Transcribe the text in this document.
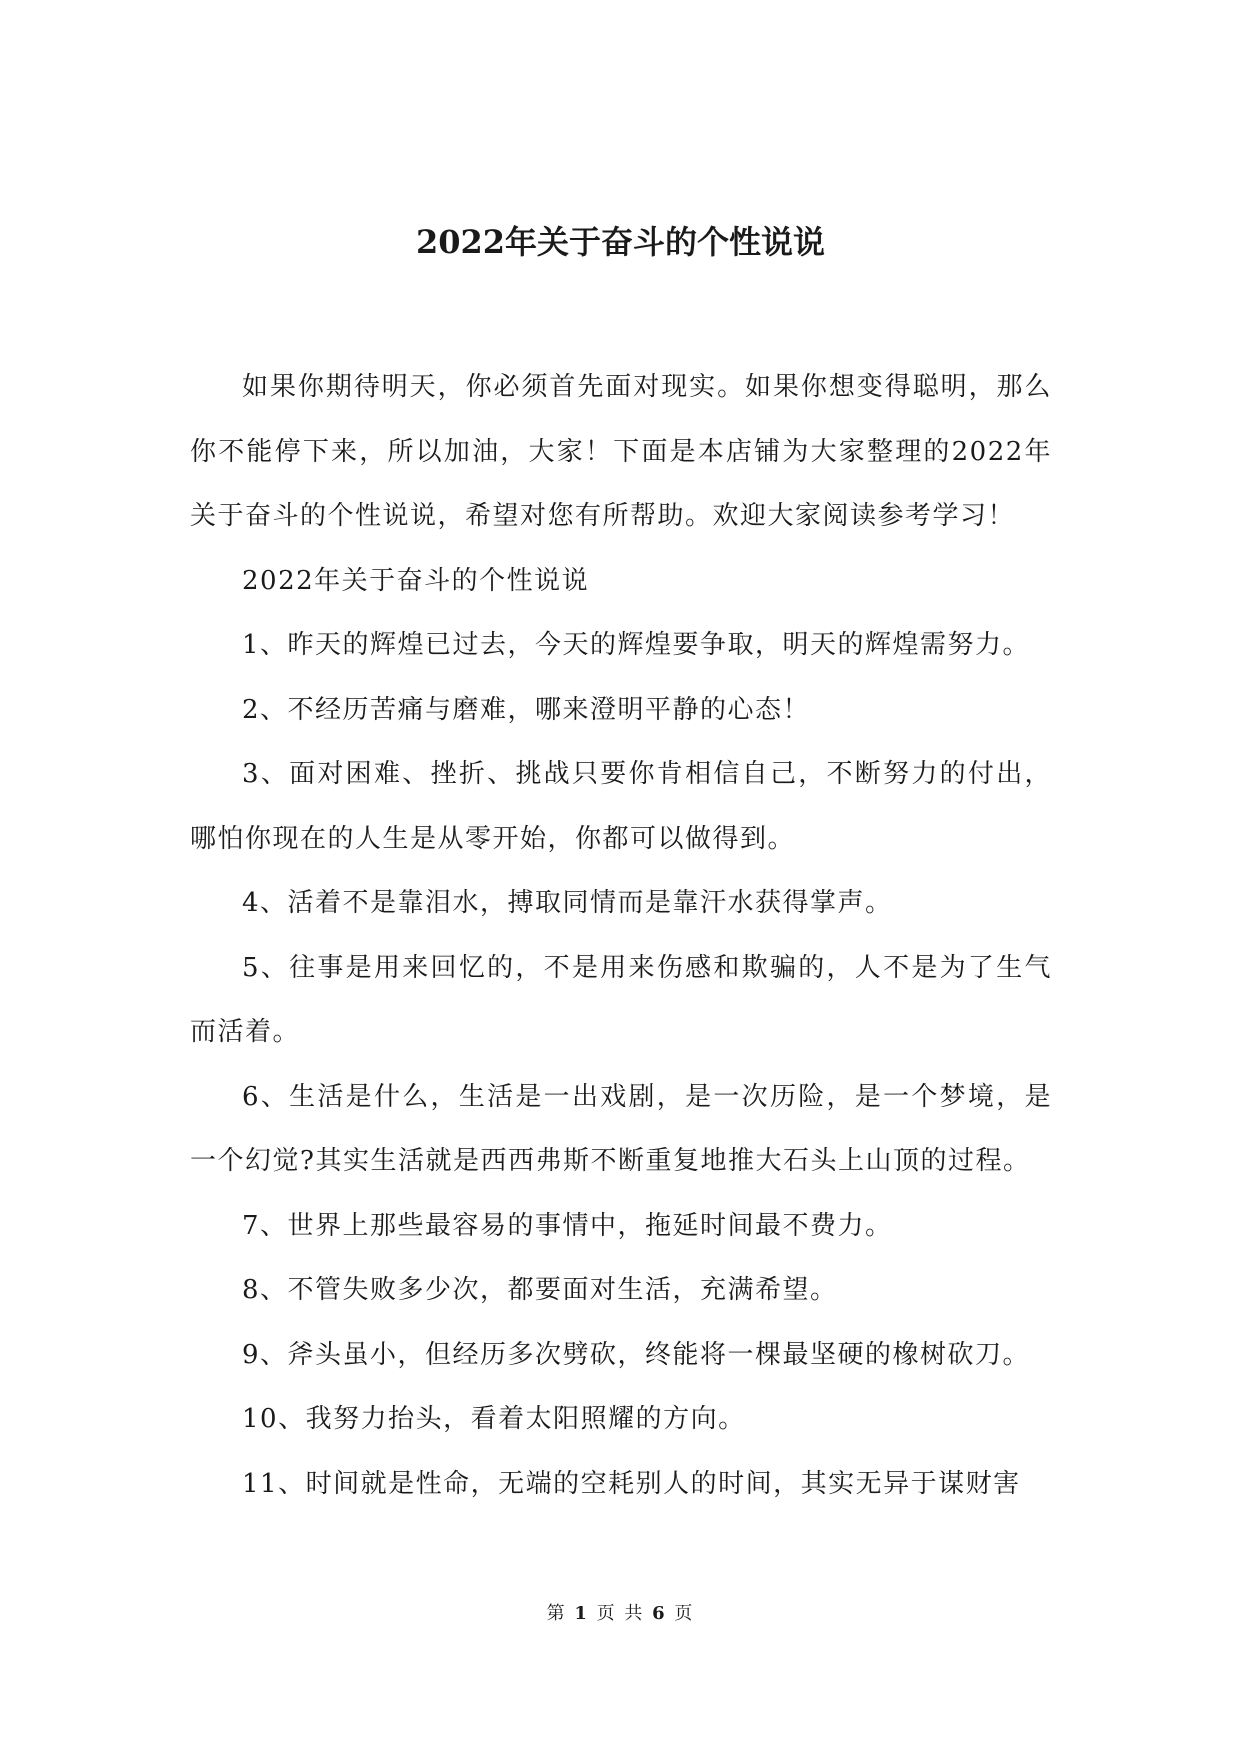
2022年关于奋斗的个性说说

如果你期待明天，你必须首先面对现实。如果你想变得聪明，那么你不能停下来，所以加油，大家！下面是本店铺为大家整理的2022年关于奋斗的个性说说，希望对您有所帮助。欢迎大家阅读参考学习！

2022年关于奋斗的个性说说

1、昨天的辉煌已过去，今天的辉煌要争取，明天的辉煌需努力。

2、不经历苦痛与磨难，哪来澄明平静的心态！

3、面对困难、挫折、挑战只要你肯相信自己，不断努力的付出，哪怕你现在的人生是从零开始，你都可以做得到。

4、活着不是靠泪水，搏取同情而是靠汗水获得掌声。

5、往事是用来回忆的，不是用来伤感和欺骗的，人不是为了生气而活着。

6、生活是什么，生活是一出戏剧，是一次历险，是一个梦境，是一个幻觉?其实生活就是西西弗斯不断重复地推大石头上山顶的过程。

7、世界上那些最容易的事情中，拖延时间最不费力。

8、不管失败多少次，都要面对生活，充满希望。

9、斧头虽小，但经历多次劈砍，终能将一棵最坚硬的橡树砍刀。

10、我努力抬头，看着太阳照耀的方向。

11、时间就是性命，无端的空耗别人的时间，其实无异于谋财害

第 1 页 共 6 页
